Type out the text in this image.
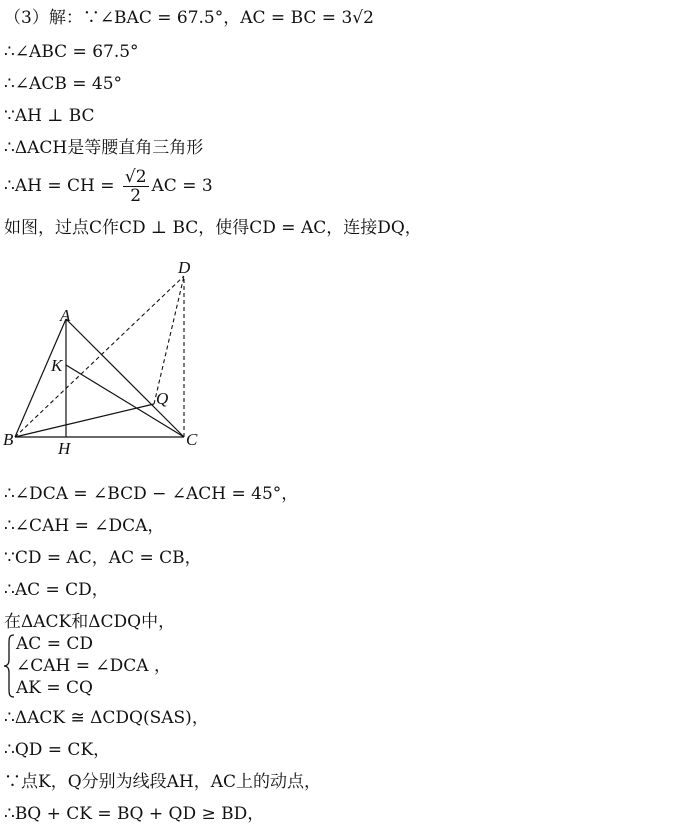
（3）解：∵∠BAC = 67.5°，AC = BC = 3√2
∴∠ABC = 67.5°
∴∠ACB = 45°
∵AH ⊥ BC
∴ΔACH是等腰直角三角形
∴AH = CH = $\frac{√2}{2}$ AC = 3
如图，过点C作CD ⊥ BC，使得CD = AC，连接DQ，
D
A
K
Q
B	C
H
∴∠DCA = ∠BCD − ∠ACH = 45°，
∴∠CAH = ∠DCA，
∵CD = AC，AC = CB，
∴AC = CD，
在ΔACK和ΔCDQ中，
AC = CD
∠CAH = ∠DCA ，
AK = CQ
∴ΔACK ≅ ΔCDQ(SAS)，
∴QD = CK，
∵点K，Q分别为线段AH，AC上的动点，
∴BQ + CK = BQ + QD ≥ BD，
